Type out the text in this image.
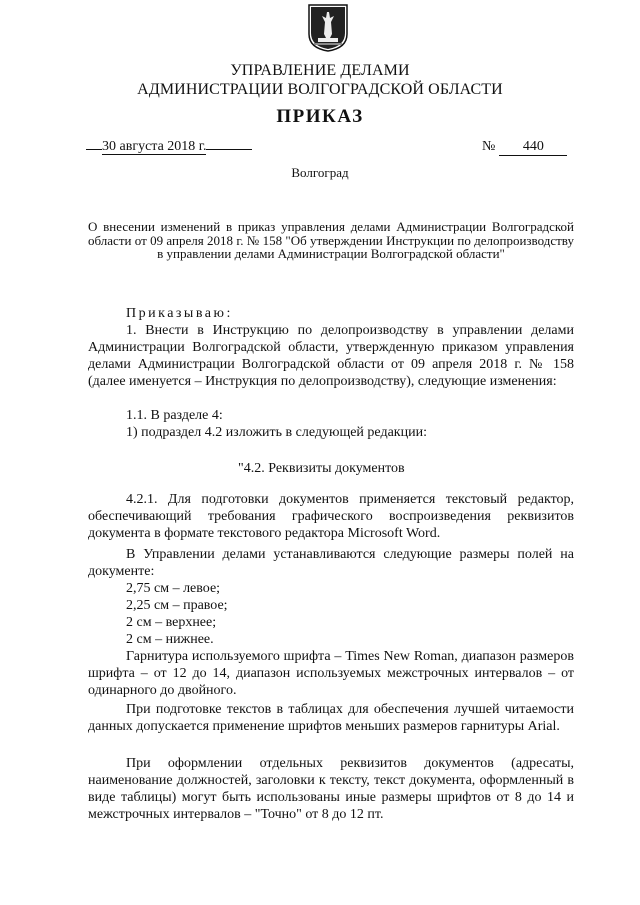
УПРАВЛЕНИЕ ДЕЛАМИ
АДМИНИСТРАЦИИ ВОЛГОГРАДСКОЙ ОБЛАСТИ
ПРИКАЗ
30 августа 2018 г.	№ 440
Волгоград
О внесении изменений в приказ управления делами Администрации Волгоградской области от 09 апреля 2018 г. № 158 "Об утверждении Инструкции по делопроизводству в управлении делами Администрации Волгоградской области"
Приказываю:
1. Внести в Инструкцию по делопроизводству в управлении делами Администрации Волгоградской области, утвержденную приказом управления делами Администрации Волгоградской области от 09 апреля 2018 г. № 158 (далее именуется – Инструкция по делопроизводству), следующие изменения:
1.1. В разделе 4:
1) подраздел 4.2 изложить в следующей редакции:
"4.2. Реквизиты документов
4.2.1. Для подготовки документов применяется текстовый редактор, обеспечивающий требования графического воспроизведения реквизитов документа в формате текстового редактора Microsoft Word.
В Управлении делами устанавливаются следующие размеры полей на документе:
2,75 см – левое;
2,25 см – правое;
2 см – верхнее;
2 см – нижнее.
Гарнитура используемого шрифта – Times New Roman, диапазон размеров шрифта – от 12 до 14, диапазон используемых межстрочных интервалов – от одинарного до двойного.
При подготовке текстов в таблицах для обеспечения лучшей читаемости данных допускается применение шрифтов меньших размеров гарнитуры Arial.
При оформлении отдельных реквизитов документов (адресаты, наименование должностей, заголовки к тексту, текст документа, оформленный в виде таблицы) могут быть использованы иные размеры шрифтов от 8 до 14 и межстрочных интервалов – "Точно" от 8 до 12 пт.
